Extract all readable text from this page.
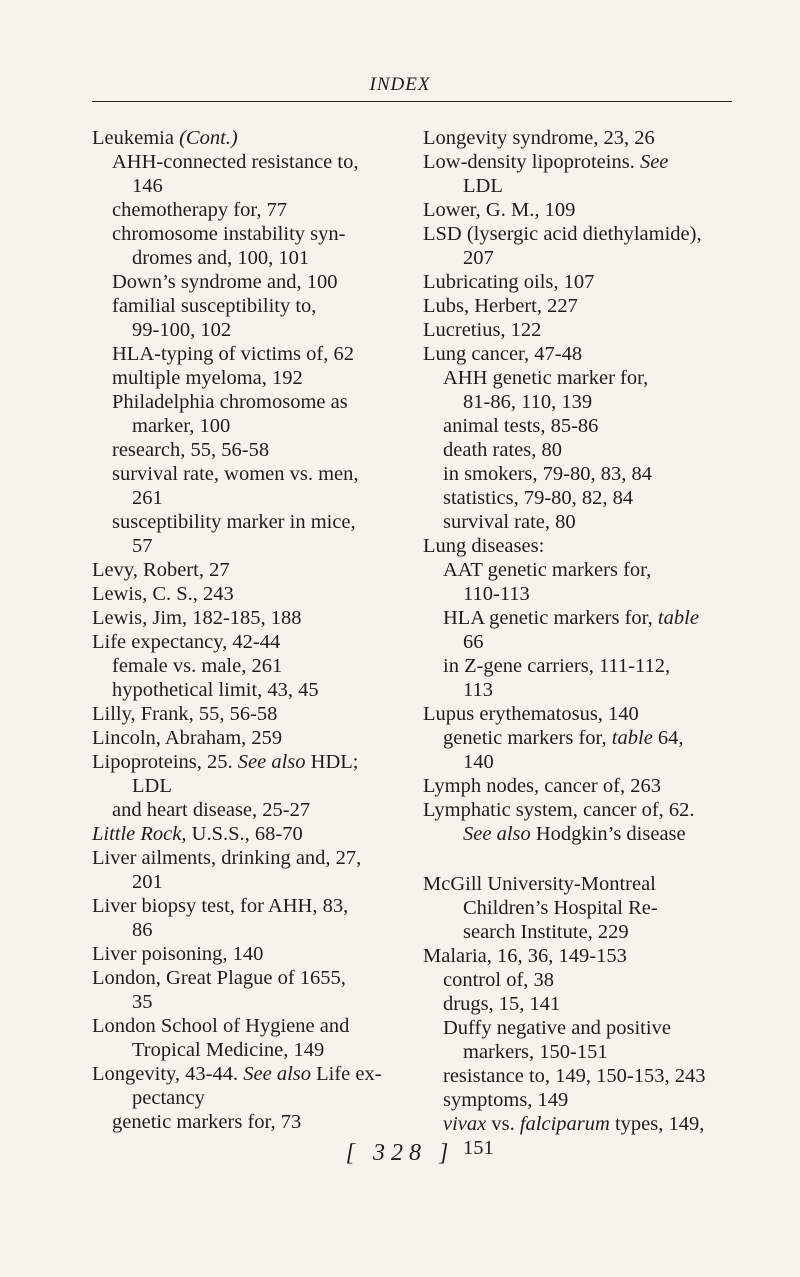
INDEX
Leukemia (Cont.)
AHH-connected resistance to,
146
chemotherapy for, 77
chromosome instability syn-
dromes and, 100, 101
Down’s syndrome and, 100
familial susceptibility to,
99-100, 102
HLA-typing of victims of, 62
multiple myeloma, 192
Philadelphia chromosome as
marker, 100
research, 55, 56-58
survival rate, women vs. men,
261
susceptibility marker in mice,
57
Levy, Robert, 27
Lewis, C. S., 243
Lewis, Jim, 182-185, 188
Life expectancy, 42-44
female vs. male, 261
hypothetical limit, 43, 45
Lilly, Frank, 55, 56-58
Lincoln, Abraham, 259
Lipoproteins, 25. See also HDL;
LDL
and heart disease, 25-27
Little Rock, U.S.S., 68-70
Liver ailments, drinking and, 27,
201
Liver biopsy test, for AHH, 83,
86
Liver poisoning, 140
London, Great Plague of 1655,
35
London School of Hygiene and
Tropical Medicine, 149
Longevity, 43-44. See also Life ex-
pectancy
genetic markers for, 73
Longevity syndrome, 23, 26
Low-density lipoproteins. See
LDL
Lower, G. M., 109
LSD (lysergic acid diethylamide),
207
Lubricating oils, 107
Lubs, Herbert, 227
Lucretius, 122
Lung cancer, 47-48
AHH genetic marker for,
81-86, 110, 139
animal tests, 85-86
death rates, 80
in smokers, 79-80, 83, 84
statistics, 79-80, 82, 84
survival rate, 80
Lung diseases:
AAT genetic markers for,
110-113
HLA genetic markers for, table
66
in Z-gene carriers, 111-112,
113
Lupus erythematosus, 140
genetic markers for, table 64,
140
Lymph nodes, cancer of, 263
Lymphatic system, cancer of, 62.
See also Hodgkin’s disease
McGill University-Montreal
Children’s Hospital Re-
search Institute, 229
Malaria, 16, 36, 149-153
control of, 38
drugs, 15, 141
Duffy negative and positive
markers, 150-151
resistance to, 149, 150-153, 243
symptoms, 149
vivax vs. falciparum types, 149,
151
[ 328 ]
